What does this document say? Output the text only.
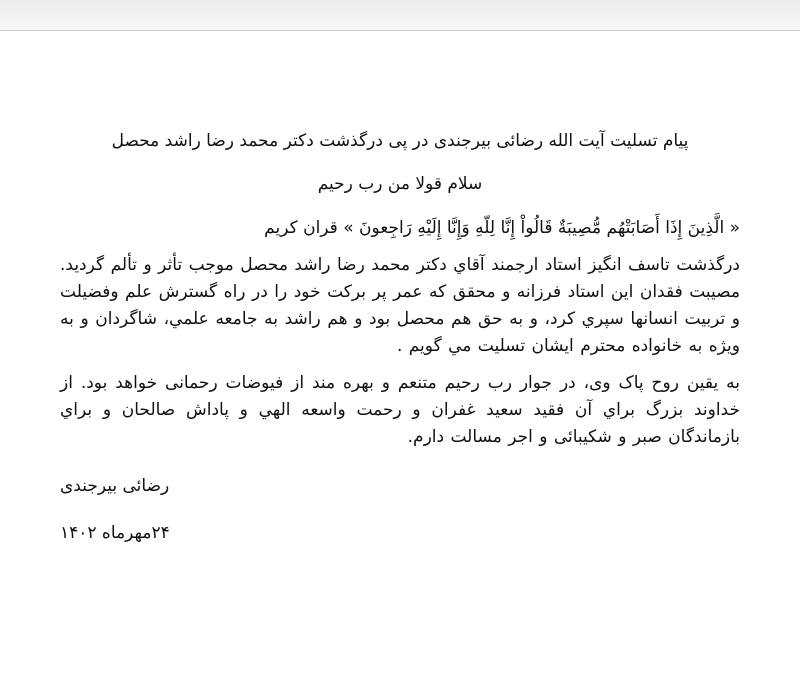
پیام تسلیت آیت الله رضائی بیرجندی در پی درگذشت دکتر محمد رضا راشد محصل

سلام قولا من رب رحیم

« الَّذِينَ إِذَا أَصَابَتْهُم مُّصِيبَةٌ قَالُواْ إِنَّا لِلّهِ وَإِنَّا إِلَيْهِ رَاجِعونَ » قران کریم

درگذشت تاسف انگیز استاد ارجمند آقاي دکتر محمد رضا راشد محصل موجب تأثر و تألم گردید. مصیبت فقدان این استاد فرزانه و محقق که عمر پر برکت خود را در راه گسترش علم وفضیلت و تربیت انسانها سپري کرد، و به حق هم محصل بود و هم راشد به جامعه علمي، شاگردان و به ویژه به خانواده محترم ایشان تسلیت مي گویم .

به یقین روح پاک وی، در جوار رب رحیم متنعم و بهره مند از فیوضات رحمانی خواهد بود. از خداوند بزرگ براي آن فقید سعید غفران و رحمت واسعه الهي و پاداش صالحان و براي بازماندگان صبر و شکیبائی و اجر مسالت دارم.

رضائی بیرجندی
۲۴مهرماه ۱۴۰۲
